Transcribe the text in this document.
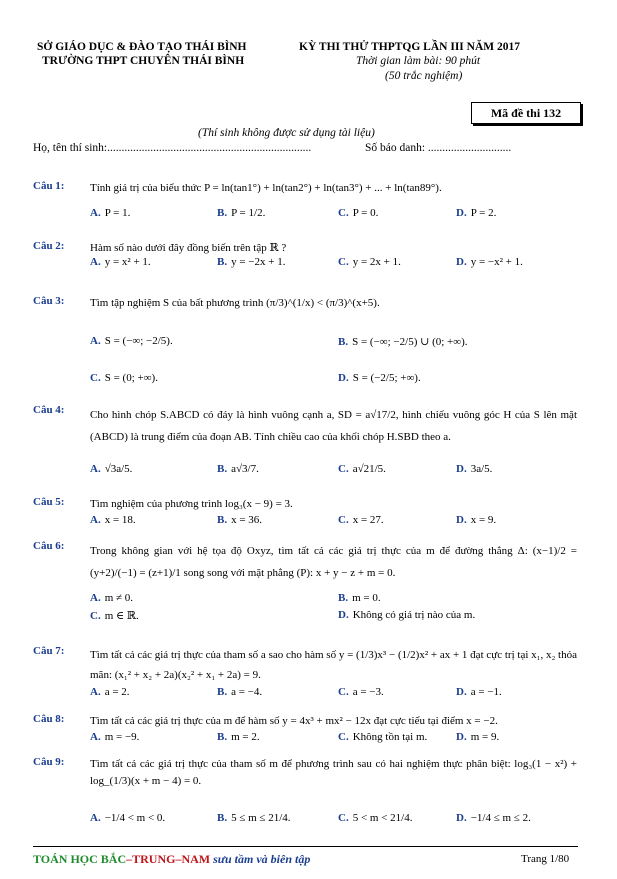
SỞ GIÁO DỤC & ĐÀO TẠO THÁI BÌNH
TRƯỜNG THPT CHUYÊN THÁI BÌNH
KỲ THI THỬ THPTQG LẦN III NĂM 2017
Thời gian làm bài: 90 phút
(50 trắc nghiệm)
Mã đề thi 132
(Thí sinh không được sử dụng tài liệu)
Họ, tên thí sinh:.......................................................................	Số báo danh: .............................
Câu 1: Tính giá trị của biểu thức P = ln(tan1°) + ln(tan2°) + ln(tan3°) + ... + ln(tan89°).
A. P = 1.	B. P = 1/2.	C. P = 0.	D. P = 2.
Câu 2: Hàm số nào dưới đây đồng biến trên tập ℝ ?
A. y = x² + 1.	B. y = −2x + 1.	C. y = 2x + 1.	D. y = −x² + 1.
Câu 3: Tìm tập nghiệm S của bất phương trình (π/3)^(1/x) < (π/3)^(x+5).
A. S = (−∞; −2/5).	B. S = (−∞; −2/5) ∪ (0; +∞).
C. S = (0; +∞).	D. S = (−2/5; +∞).
Câu 4: Cho hình chóp S.ABCD có đáy là hình vuông cạnh a, SD = a√17/2, hình chiếu vuông góc H của S lên mặt (ABCD) là trung điểm của đoạn AB. Tính chiều cao của khối chóp H.SBD theo a.
A. √3a/5.	B. a√3/7.	C. a√21/5.	D. 3a/5.
Câu 5: Tìm nghiệm của phương trình log₃(x − 9) = 3.
A. x = 18.	B. x = 36.	C. x = 27.	D. x = 9.
Câu 6: Trong không gian với hệ tọa độ Oxyz, tìm tất cả các giá trị thực của m để đường thẳng Δ: (x−1)/2 = (y+2)/(−1) = (z+1)/1 song song với mặt phẳng (P): x + y − z + m = 0.
A. m ≠ 0.	B. m = 0.
C. m ∈ ℝ.	D. Không có giá trị nào của m.
Câu 7: Tìm tất cả các giá trị thực của tham số a sao cho hàm số y = (1/3)x³ − (1/2)x² + ax + 1 đạt cực trị tại x₁, x₂ thỏa mãn: (x₁² + x₂ + 2a)(x₂² + x₁ + 2a) = 9.
A. a = 2.	B. a = −4.	C. a = −3.	D. a = −1.
Câu 8: Tìm tất cả các giá trị thực của m để hàm số y = 4x³ + mx² − 12x đạt cực tiểu tại điểm x = −2.
A. m = −9.	B. m = 2.	C. Không tồn tại m.	D. m = 9.
Câu 9: Tìm tất cả các giá trị thực của tham số m để phương trình sau có hai nghiệm thực phân biệt: log₃(1 − x²) + log_(1/3)(x + m − 4) = 0.
A. −1/4 < m < 0.	B. 5 ≤ m ≤ 21/4.	C. 5 < m < 21/4.	D. −1/4 ≤ m ≤ 2.
TOÁN HỌC BẮC–TRUNG–NAM sưu tầm và biên tập	Trang 1/80
